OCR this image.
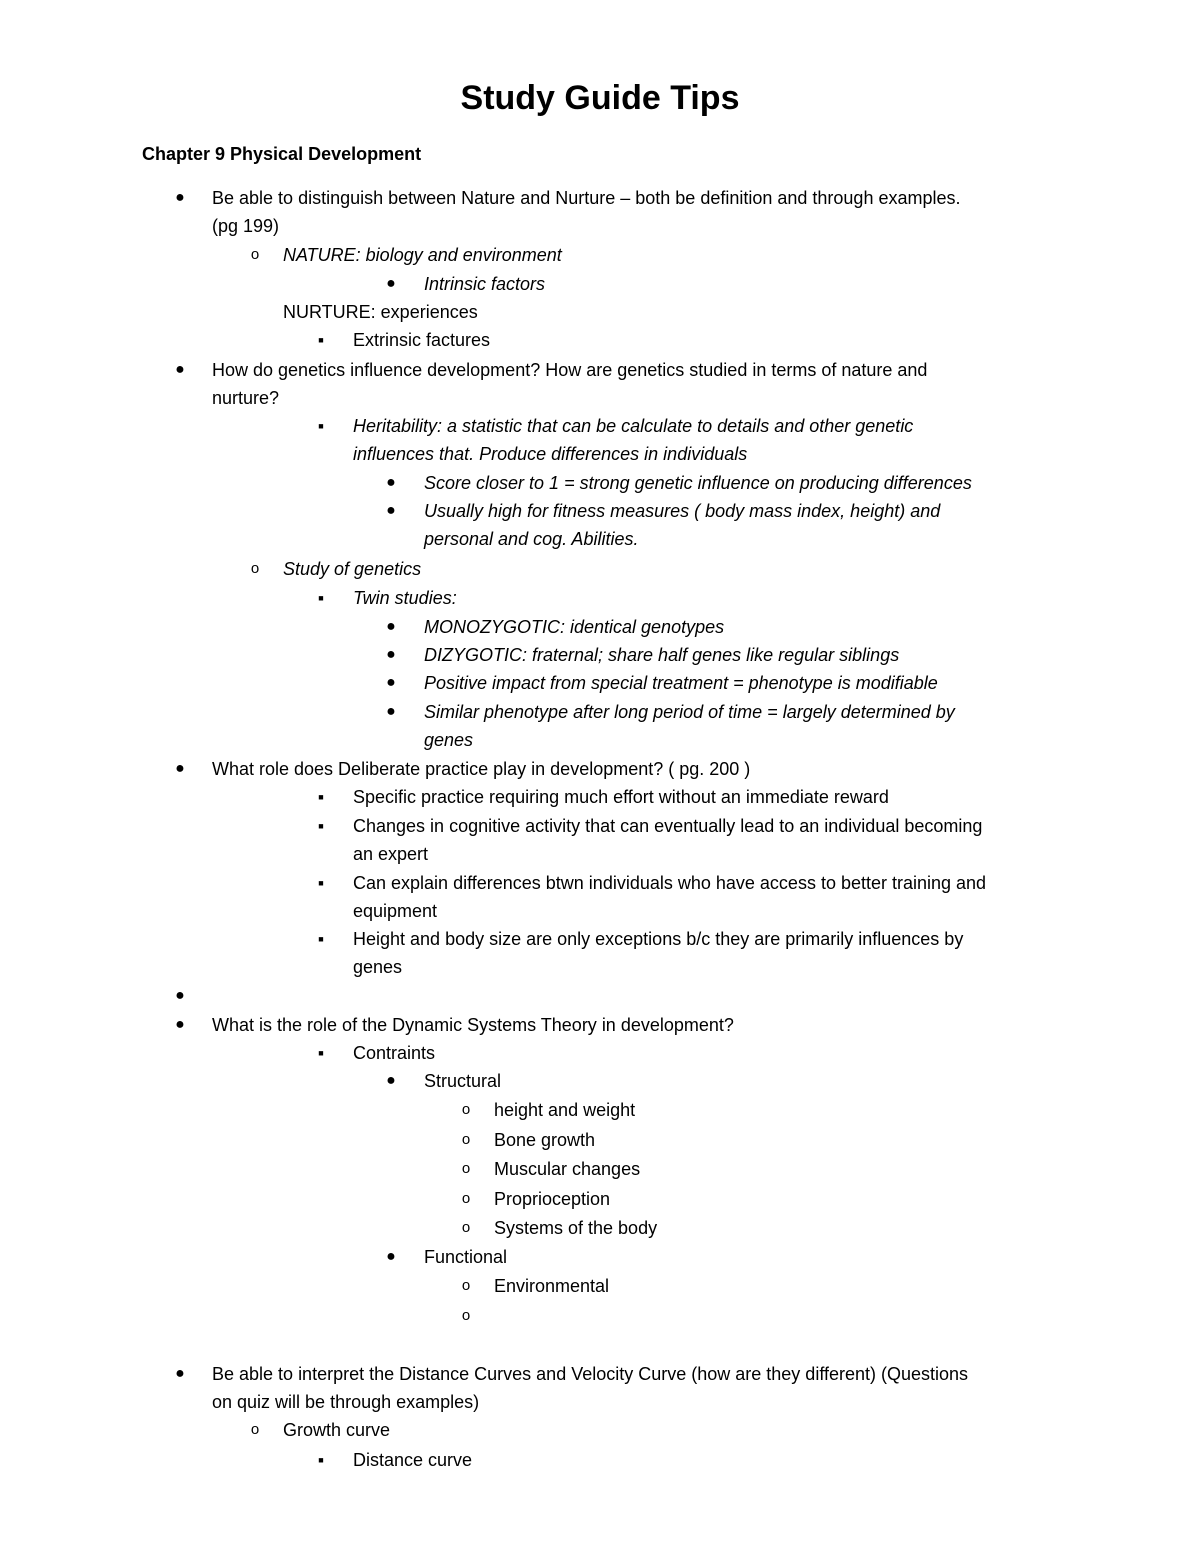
Study Guide Tips
Chapter 9 Physical Development
● Be able to distinguish between Nature and Nurture – both be definition and through examples.
(pg 199)
o NATURE: biology and environment
● Intrinsic factors
NURTURE: experiences
■ Extrinsic factures
● How do genetics influence development? How are genetics studied in terms of nature and
nurture?
■ Heritability: a statistic that can be calculate to details and other genetic
influences that. Produce differences in individuals
● Score closer to 1 = strong genetic influence on producing differences
● Usually high for fitness measures ( body mass index, height) and
personal and cog. Abilities.
o Study of genetics
■ Twin studies:
● MONOZYGOTIC: identical genotypes
● DIZYGOTIC: fraternal; share half genes like regular siblings
● Positive impact from special treatment = phenotype is modifiable
● Similar phenotype after long period of time = largely determined by
genes
● What role does Deliberate practice play in development? ( pg. 200 )
■ Specific practice requiring much effort without an immediate reward
■ Changes in cognitive activity that can eventually lead to an individual becoming
an expert
■ Can explain differences btwn individuals who have access to better training and
equipment
■ Height and body size are only exceptions b/c they are primarily influences by
genes
●
● What is the role of the Dynamic Systems Theory in development?
■ Contraints
● Structural
o height and weight
o Bone growth
o Muscular changes
o Proprioception
o Systems of the body
● Functional
o Environmental
o
● Be able to interpret the Distance Curves and Velocity Curve (how are they different) (Questions
on quiz will be through examples)
o Growth curve
■ Distance curve
